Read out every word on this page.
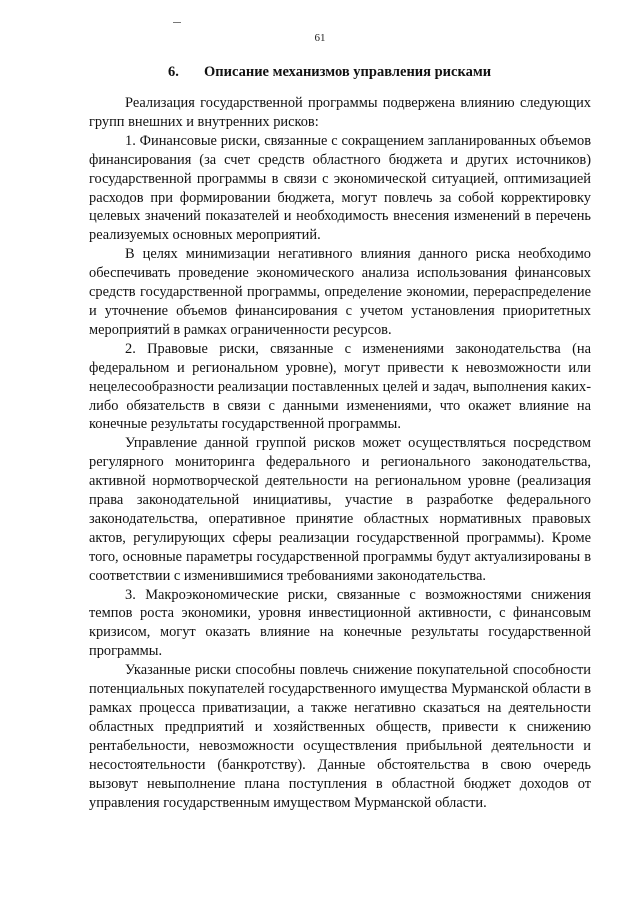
61
6. Описание механизмов управления рисками

Реализация государственной программы подвержена влиянию следующих групп внешних и внутренних рисков:

1. Финансовые риски, связанные с сокращением запланированных объемов финансирования (за счет средств областного бюджета и других источников) государственной программы в связи с экономической ситуацией, оптимизацией расходов при формировании бюджета, могут повлечь за собой корректировку целевых значений показателей и необходимость внесения изменений в перечень реализуемых основных мероприятий.

В целях минимизации негативного влияния данного риска необходимо обеспечивать проведение экономического анализа использования финансовых средств государственной программы, определение экономии, перераспределение и уточнение объемов финансирования с учетом установления приоритетных мероприятий в рамках ограниченности ресурсов.

2. Правовые риски, связанные с изменениями законодательства (на федеральном и региональном уровне), могут привести к невозможности или нецелесообразности реализации поставленных целей и задач, выполнения каких-либо обязательств в связи с данными изменениями, что окажет влияние на конечные результаты государственной программы.

Управление данной группой рисков может осуществляться посредством регулярного мониторинга федерального и регионального законодательства, активной нормотворческой деятельности на региональном уровне (реализация права законодательной инициативы, участие в разработке федерального законодательства, оперативное принятие областных нормативных правовых актов, регулирующих сферы реализации государственной программы). Кроме того, основные параметры государственной программы будут актуализированы в соответствии с изменившимися требованиями законодательства.

3. Макроэкономические риски, связанные с возможностями снижения темпов роста экономики, уровня инвестиционной активности, с финансовым кризисом, могут оказать влияние на конечные результаты государственной программы.

Указанные риски способны повлечь снижение покупательной способности потенциальных покупателей государственного имущества Мурманской области в рамках процесса приватизации, а также негативно сказаться на деятельности областных предприятий и хозяйственных обществ, привести к снижению рентабельности, невозможности осуществления прибыльной деятельности и несостоятельности (банкротству). Данные обстоятельства в свою очередь вызовут невыполнение плана поступления в областной бюджет доходов от управления государственным имуществом Мурманской области.
